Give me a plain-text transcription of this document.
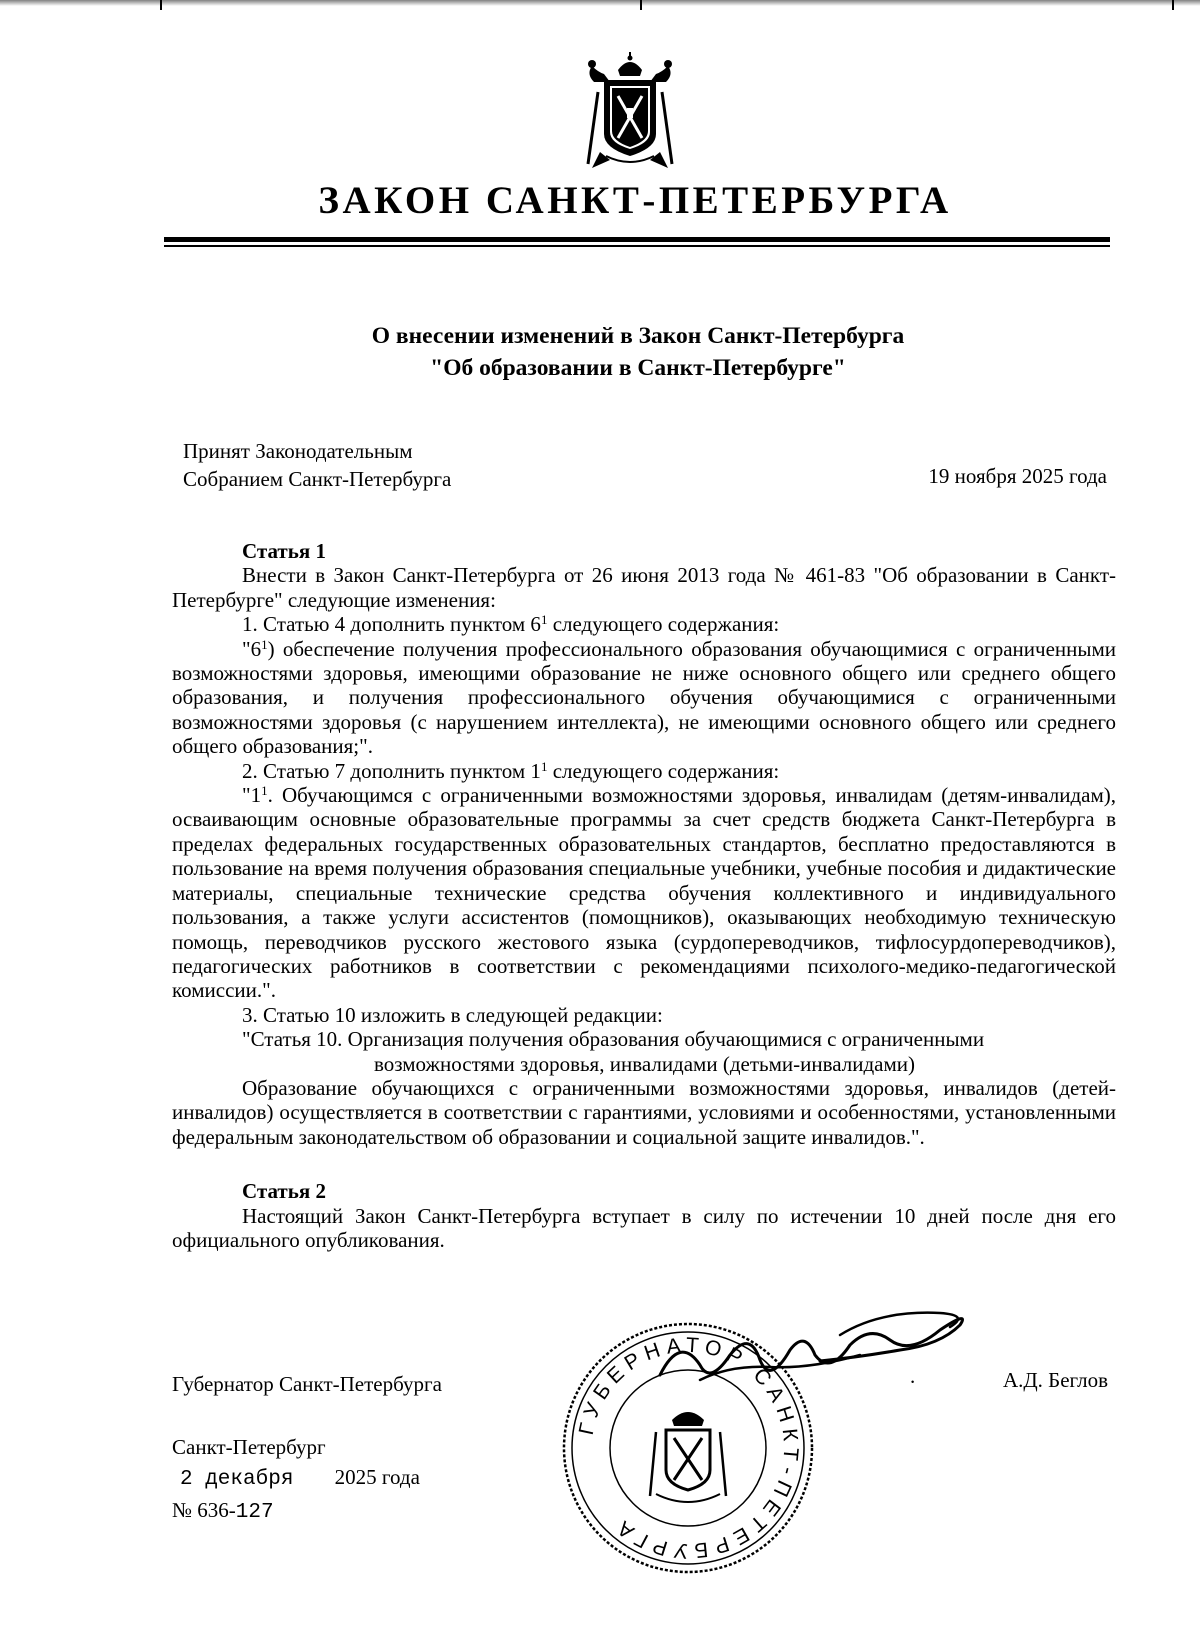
ЗАКОН САНКТ-ПЕТЕРБУРГА
О внесении изменений в Закон Санкт-Петербурга
"Об образовании в Санкт-Петербурге"
Принят Законодательным
Собранием Санкт-Петербурга	19 ноября 2025 года

Статья 1

Внести в Закон Санкт-Петербурга от 26 июня 2013 года № 461-83 "Об образовании в Санкт-Петербурге" следующие изменения:

1. Статью 4 дополнить пунктом $6^1$ следующего содержания:

"$6^1$) обеспечение получения профессионального образования обучающимися с ограниченными возможностями здоровья, имеющими образование не ниже основного общего или среднего общего образования, и получения профессионального обучения обучающимися с ограниченными возможностями здоровья (с нарушением интеллекта), не имеющими основного общего или среднего общего образования;".

2. Статью 7 дополнить пунктом $1^1$ следующего содержания:

"$1^1$. Обучающимся с ограниченными возможностями здоровья, инвалидам (детям-инвалидам), осваивающим основные образовательные программы за счет средств бюджета Санкт-Петербурга в пределах федеральных государственных образовательных стандартов, бесплатно предоставляются в пользование на время получения образования специальные учебники, учебные пособия и дидактические материалы, специальные технические средства обучения коллективного и индивидуального пользования, а также услуги ассистентов (помощников), оказывающих необходимую техническую помощь, переводчиков русского жестового языка (сурдопереводчиков, тифлосурдопереводчиков), педагогических работников в соответствии с рекомендациями психолого-медико-педагогической комиссии.".

3. Статью 10 изложить в следующей редакции:

"Статья 10. Организация получения образования обучающимися с ограниченными
возможностями здоровья, инвалидами (детьми-инвалидами)

Образование обучающихся с ограниченными возможностями здоровья, инвалидов (детей-инвалидов) осуществляется в соответствии с гарантиями, условиями и особенностями, установленными федеральным законодательством об образовании и социальной защите инвалидов.".

Статья 2

Настоящий Закон Санкт-Петербурга вступает в силу по истечении 10 дней после дня его официального опубликования.

ГУБЕРНАТОР САНКТ-ПЕТЕРБУРГА
Губернатор Санкт-Петербурга	.	А.Д. Беглов
Санкт-Петербург
2 декабря 2025 года
№ 636-127
